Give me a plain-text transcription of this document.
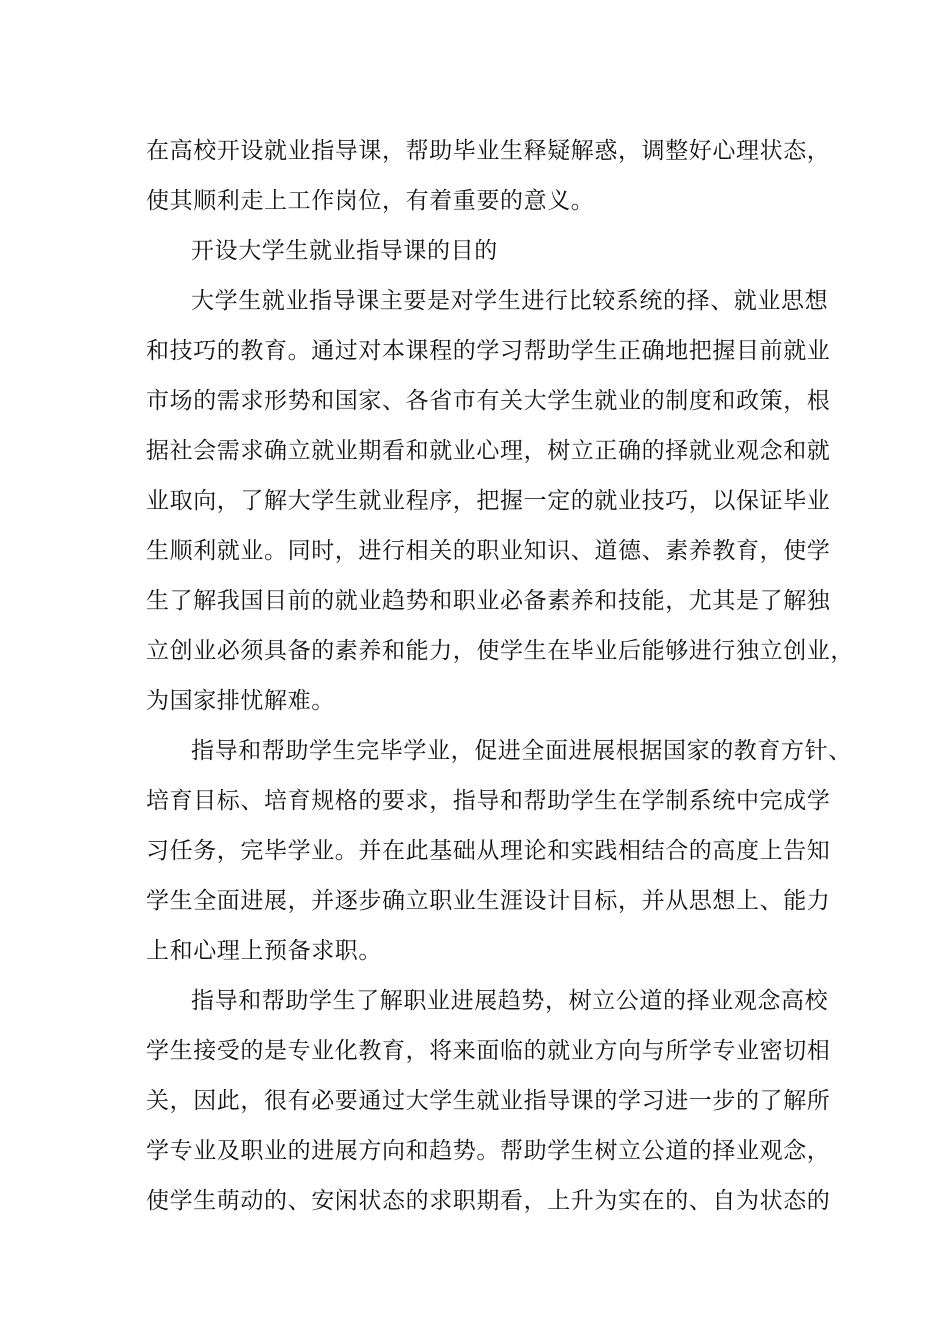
在高校开设就业指导课，帮助毕业生释疑解惑，调整好心理状态，
使其顺利走上工作岗位，有着重要的意义。
开设大学生就业指导课的目的
大学生就业指导课主要是对学生进行比较系统的择、就业思想
和技巧的教育。通过对本课程的学习帮助学生正确地把握目前就业
市场的需求形势和国家、各省市有关大学生就业的制度和政策，根
据社会需求确立就业期看和就业心理，树立正确的择就业观念和就
业取向，了解大学生就业程序，把握一定的就业技巧，以保证毕业
生顺利就业。同时，进行相关的职业知识、道德、素养教育，使学
生了解我国目前的就业趋势和职业必备素养和技能，尤其是了解独
立创业必须具备的素养和能力，使学生在毕业后能够进行独立创业，
为国家排忧解难。
指导和帮助学生完毕学业，促进全面进展根据国家的教育方针、
培育目标、培育规格的要求，指导和帮助学生在学制系统中完成学
习任务，完毕学业。并在此基础从理论和实践相结合的高度上告知
学生全面进展，并逐步确立职业生涯设计目标，并从思想上、能力
上和心理上预备求职。
指导和帮助学生了解职业进展趋势，树立公道的择业观念高校
学生接受的是专业化教育，将来面临的就业方向与所学专业密切相
关，因此，很有必要通过大学生就业指导课的学习进一步的了解所
学专业及职业的进展方向和趋势。帮助学生树立公道的择业观念，
使学生萌动的、安闲状态的求职期看，上升为实在的、自为状态的
